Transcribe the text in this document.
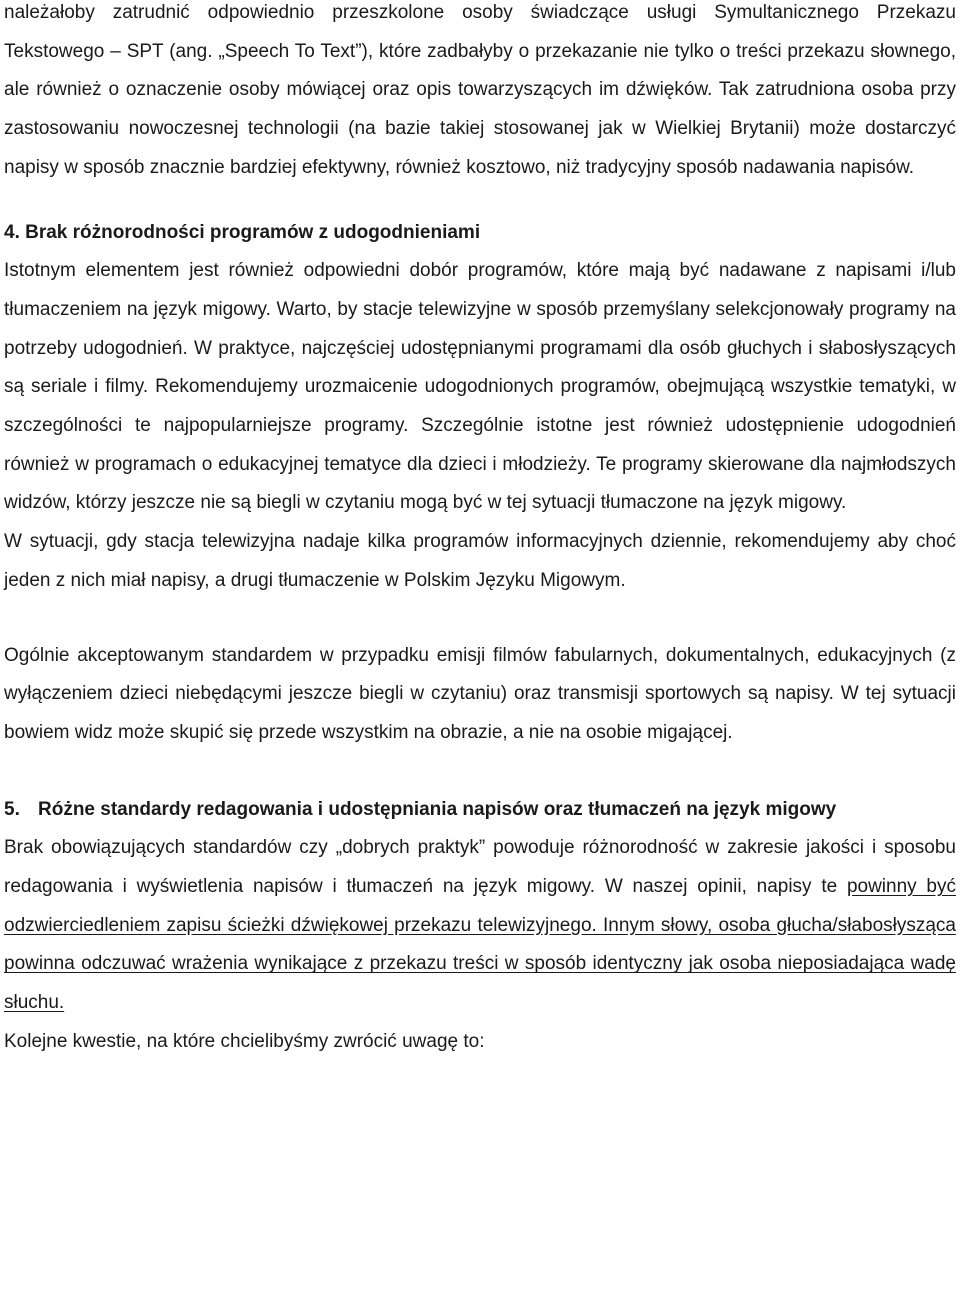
należałoby zatrudnić odpowiednio przeszkolone osoby świadczące usługi Symultanicznego Przekazu Tekstowego – SPT (ang. „Speech To Text”), które zadbałyby o przekazanie nie tylko o treści przekazu słownego, ale również o oznaczenie osoby mówiącej oraz opis towarzyszących im dźwięków. Tak zatrudniona osoba przy zastosowaniu nowoczesnej technologii (na bazie takiej stosowanej jak w Wielkiej Brytanii) może dostarczyć napisy w sposób znacznie bardziej efektywny, również kosztowo, niż tradycyjny sposób nadawania napisów.

4. Brak różnorodności programów z udogodnieniami

Istotnym elementem jest również odpowiedni dobór programów, które mają być nadawane z napisami i/lub tłumaczeniem na język migowy. Warto, by stacje telewizyjne w sposób przemyślany selekcjonowały programy na potrzeby udogodnień. W praktyce, najczęściej udostępnianymi programami dla osób głuchych i słabosłyszących są seriale i filmy. Rekomendujemy urozmaicenie udogodnionych programów, obejmującą wszystkie tematyki, w szczególności te najpopularniejsze programy. Szczególnie istotne jest również udostępnienie udogodnień również w programach o edukacyjnej tematyce dla dzieci i młodzieży. Te programy skierowane dla najmłodszych widzów, którzy jeszcze nie są biegli w czytaniu mogą być w tej sytuacji tłumaczone na język migowy.

W sytuacji, gdy stacja telewizyjna nadaje kilka programów informacyjnych dziennie, rekomendujemy aby choć jeden z nich miał napisy, a drugi tłumaczenie w Polskim Języku Migowym.

Ogólnie akceptowanym standardem w przypadku emisji filmów fabularnych, dokumentalnych, edukacyjnych (z wyłączeniem dzieci niebędącymi jeszcze biegli w czytaniu) oraz transmisji sportowych są napisy. W tej sytuacji bowiem widz może skupić się przede wszystkim na obrazie, a nie na osobie migającej.

5. Różne standardy redagowania i udostępniania napisów oraz tłumaczeń na język migowy

Brak obowiązujących standardów czy „dobrych praktyk” powoduje różnorodność w zakresie jakości i sposobu redagowania i wyświetlenia napisów i tłumaczeń na język migowy. W naszej opinii, napisy te powinny być odzwierciedleniem zapisu ścieżki dźwiękowej przekazu telewizyjnego. Innym słowy, osoba głucha/słabosłysząca powinna odczuwać wrażenia wynikające z przekazu treści w sposób identyczny jak osoba nieposiadająca wadę słuchu.

Kolejne kwestie, na które chcielibyśmy zwrócić uwagę to:
